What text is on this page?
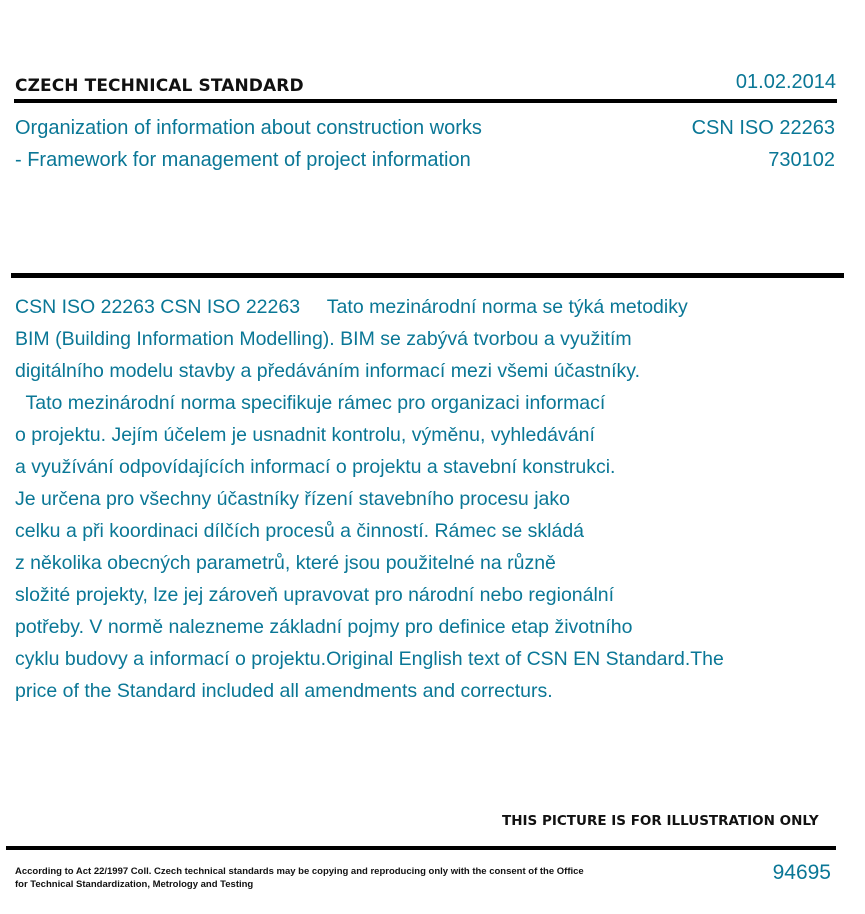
CZECH TECHNICAL STANDARD	01.02.2014
Organization of information about construction works
- Framework for management of project information
CSN ISO 22263
730102
CSN ISO 22263 CSN ISO 22263     Tato mezinárodní norma se týká metodiky
BIM (Building Information Modelling). BIM se zabývá tvorbou a využitím
digitálního modelu stavby a předáváním informací mezi všemi účastníky.
Tato mezinárodní norma specifikuje rámec pro organizaci informací
o projektu. Jejím účelem je usnadnit kontrolu, výměnu, vyhledávání
a využívání odpovídajících informací o projektu a stavební konstrukci.
Je určena pro všechny účastníky řízení stavebního procesu jako
celku a při koordinaci dílčích procesů a činností. Rámec se skládá
z několika obecných parametrů, které jsou použitelné na různě
složité projekty, lze jej zároveň upravovat pro národní nebo regionální
potřeby. V normě nalezneme základní pojmy pro definice etap životního
cyklu budovy a informací o projektu.Original English text of CSN EN Standard.The
price of the Standard included all amendments and correcturs.
THIS PICTURE IS FOR ILLUSTRATION ONLY
According to Act 22/1997 Coll. Czech technical standards may be copying and reproducing only with the consent of the Office
for Technical Standardization, Metrology and Testing
94695
